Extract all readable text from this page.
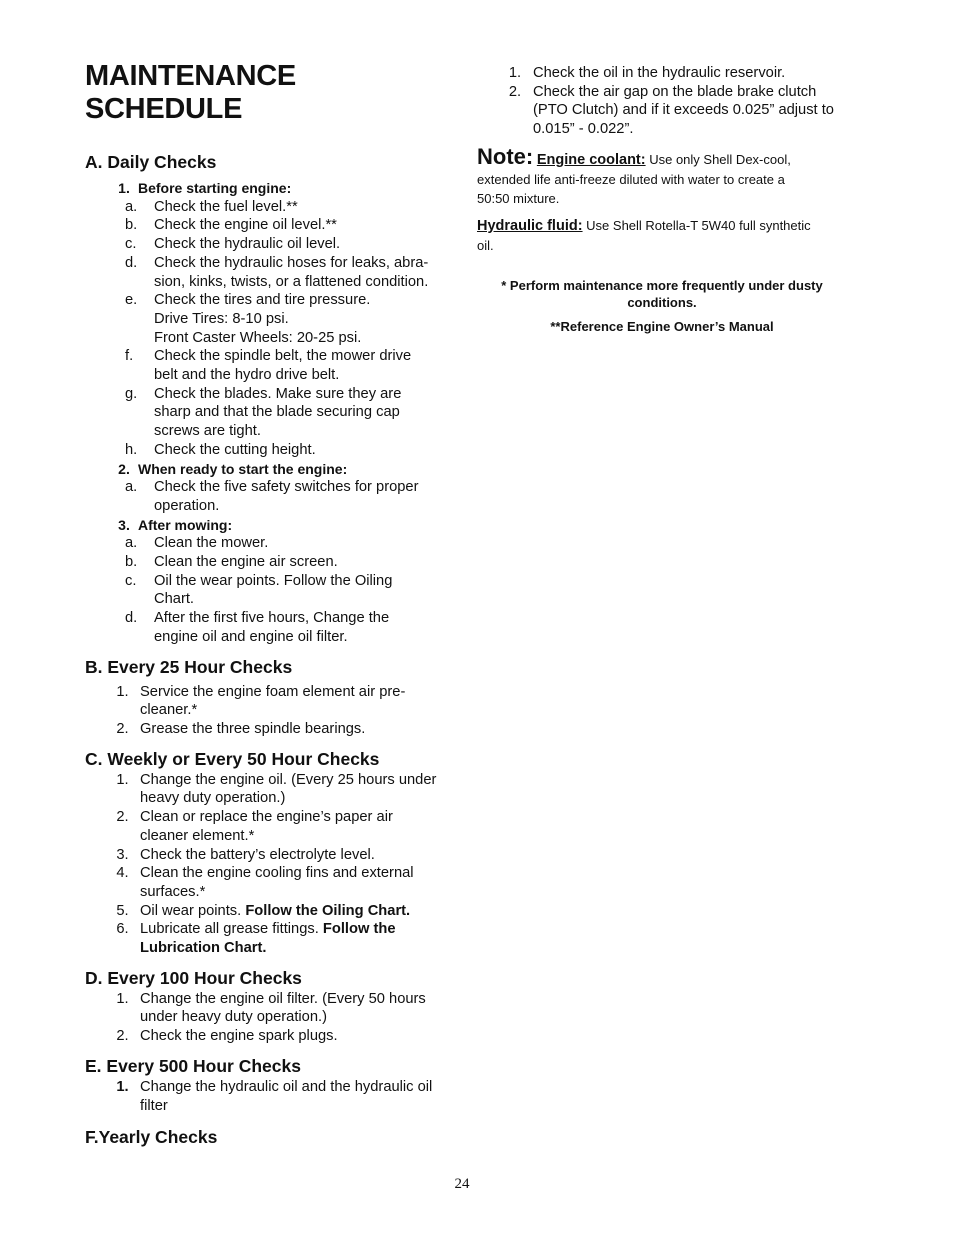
MAINTENANCE SCHEDULE
A. Daily Checks
1. Before starting engine:
a.	Check the fuel level.**
b.	Check the engine oil level.**
c.	Check the hydraulic oil level.
d.	Check the hydraulic hoses for leaks, abra-
sion, kinks, twists, or a flattened condition.
e.	Check the tires and tire pressure.
Drive Tires: 8-10 psi.
Front Caster Wheels: 20-25 psi.
f.	Check the spindle belt, the mower drive
belt and the hydro drive belt.
g.	Check the blades. Make sure they are
sharp and that the blade securing cap
screws are tight.
h.	Check the cutting height.
2. When ready to start the engine:
a.	Check the five safety switches for proper
operation.
3. After mowing:
a.	Clean the mower.
b.	Clean the engine air screen.
c.	Oil the wear points. Follow the Oiling
Chart.
d.	After the first five hours, Change the
engine oil and engine oil filter.
B. Every 25 Hour Checks
1. Service the engine foam element air pre-
cleaner.*
2. Grease the three spindle bearings.
C. Weekly or Every 50 Hour Checks
1. Change the engine oil. (Every 25 hours under
heavy duty operation.)
2. Clean or replace the engine’s paper air
cleaner element.*
3. Check the battery’s electrolyte level.
4. Clean the engine cooling fins and external
surfaces.*
5. Oil wear points. Follow the Oiling Chart.
6. Lubricate all grease fittings. Follow the
Lubrication Chart.
D. Every 100 Hour Checks
1. Change the engine oil filter. (Every 50 hours
under heavy duty operation.)
2. Check the engine spark plugs.
E. Every 500 Hour Checks
1. Change the hydraulic oil and the hydraulic oil
filter
F.Yearly Checks
1. Check the oil in the hydraulic reservoir.
2. Check the air gap on the blade brake clutch
(PTO Clutch) and if it exceeds 0.025” adjust to
0.015” - 0.022”.
Note: Engine coolant: Use only Shell Dex-cool,
extended life anti-freeze diluted with water to create a
50:50 mixture.
Hydraulic fluid: Use Shell Rotella-T 5W40 full synthetic
oil.
* Perform maintenance more frequently under dusty
conditions.
**Reference Engine Owner’s Manual
24
